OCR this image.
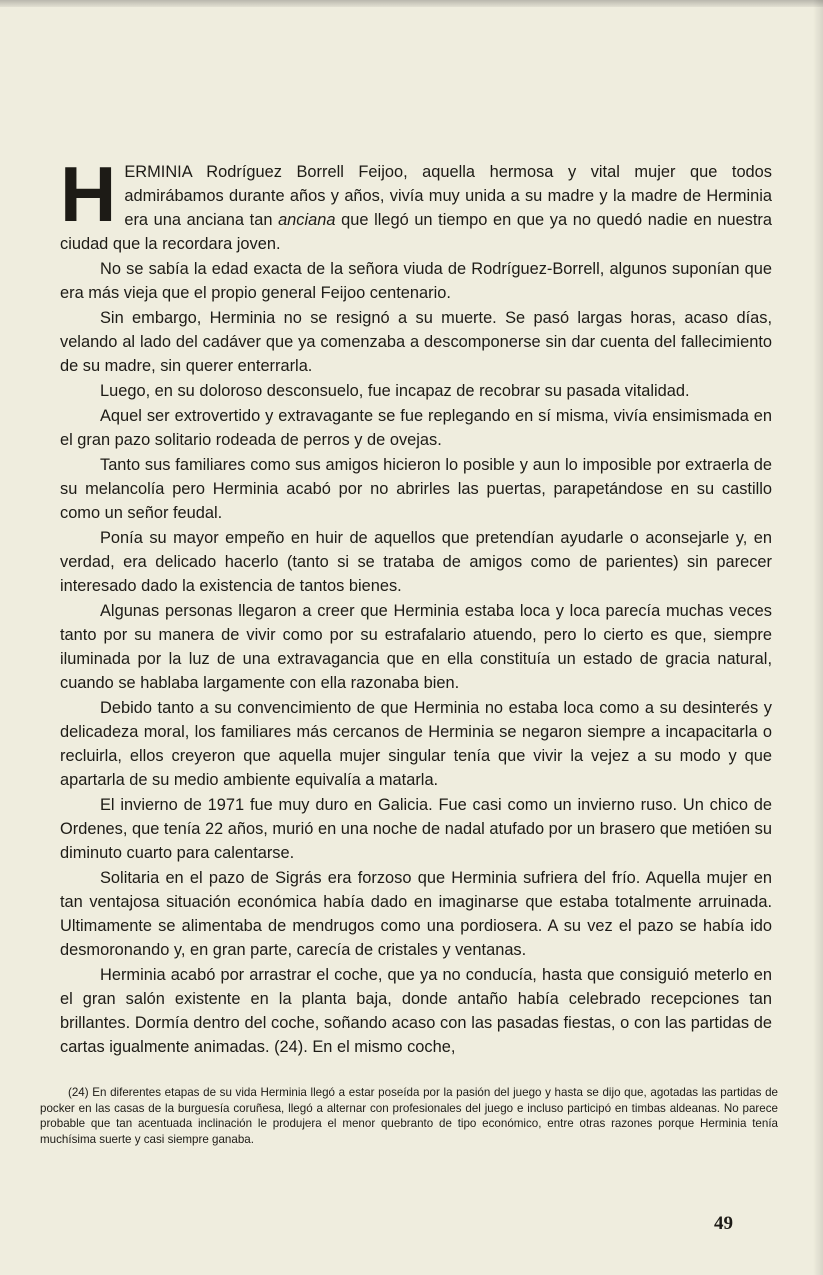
HERMINIA Rodríguez Borrell Feijoo, aquella hermosa y vital mujer que todos admirábamos durante años y años, vivía muy unida a su madre y la madre de Herminia era una anciana tan anciana que llegó un tiempo en que ya no quedó nadie en nuestra ciudad que la recordara joven.

No se sabía la edad exacta de la señora viuda de Rodríguez-Borrell, algunos suponían que era más vieja que el propio general Feijoo centenario.

Sin embargo, Herminia no se resignó a su muerte. Se pasó largas horas, acaso días, velando al lado del cadáver que ya comenzaba a descomponerse sin dar cuenta del fallecimiento de su madre, sin querer enterrarla.

Luego, en su doloroso desconsuelo, fue incapaz de recobrar su pasada vitalidad.

Aquel ser extrovertido y extravagante se fue replegando en sí misma, vivía ensimismada en el gran pazo solitario rodeada de perros y de ovejas.

Tanto sus familiares como sus amigos hicieron lo posible y aun lo imposible por extraerla de su melancolía pero Herminia acabó por no abrirles las puertas, parapetándose en su castillo como un señor feudal.

Ponía su mayor empeño en huir de aquellos que pretendían ayudarle o aconsejarle y, en verdad, era delicado hacerlo (tanto si se trataba de amigos como de parientes) sin parecer interesado dado la existencia de tantos bienes.

Algunas personas llegaron a creer que Herminia estaba loca y loca parecía muchas veces tanto por su manera de vivir como por su estrafalario atuendo, pero lo cierto es que, siempre iluminada por la luz de una extravagancia que en ella constituía un estado de gracia natural, cuando se hablaba largamente con ella razonaba bien.

Debido tanto a su convencimiento de que Herminia no estaba loca como a su desinterés y delicadeza moral, los familiares más cercanos de Herminia se negaron siempre a incapacitarla o recluirla, ellos creyeron que aquella mujer singular tenía que vivir la vejez a su modo y que apartarla de su medio ambiente equivalía a matarla.

El invierno de 1971 fue muy duro en Galicia. Fue casi como un invierno ruso. Un chico de Ordenes, que tenía 22 años, murió en una noche de nadal atufado por un brasero que metióen su diminuto cuarto para calentarse.

Solitaria en el pazo de Sigrás era forzoso que Herminia sufriera del frío. Aquella mujer en tan ventajosa situación económica había dado en imaginarse que estaba totalmente arruinada. Ultimamente se alimentaba de mendrugos como una pordiosera. A su vez el pazo se había ido desmoronando y, en gran parte, carecía de cristales y ventanas.

Herminia acabó por arrastrar el coche, que ya no conducía, hasta que consiguió meterlo en el gran salón existente en la planta baja, donde antaño había celebrado recepciones tan brillantes. Dormía dentro del coche, soñando acaso con las pasadas fiestas, o con las partidas de cartas igualmente animadas. (24). En el mismo coche,

(24) En diferentes etapas de su vida Herminia llegó a estar poseída por la pasión del juego y hasta se dijo que, agotadas las partidas de pocker en las casas de la burguesía coruñesa, llegó a alternar con profesionales del juego e incluso participó en timbas aldeanas. No parece probable que tan acentuada inclinación le produjera el menor quebranto de tipo económico, entre otras razones porque Herminia tenía muchísima suerte y casi siempre ganaba.

49
